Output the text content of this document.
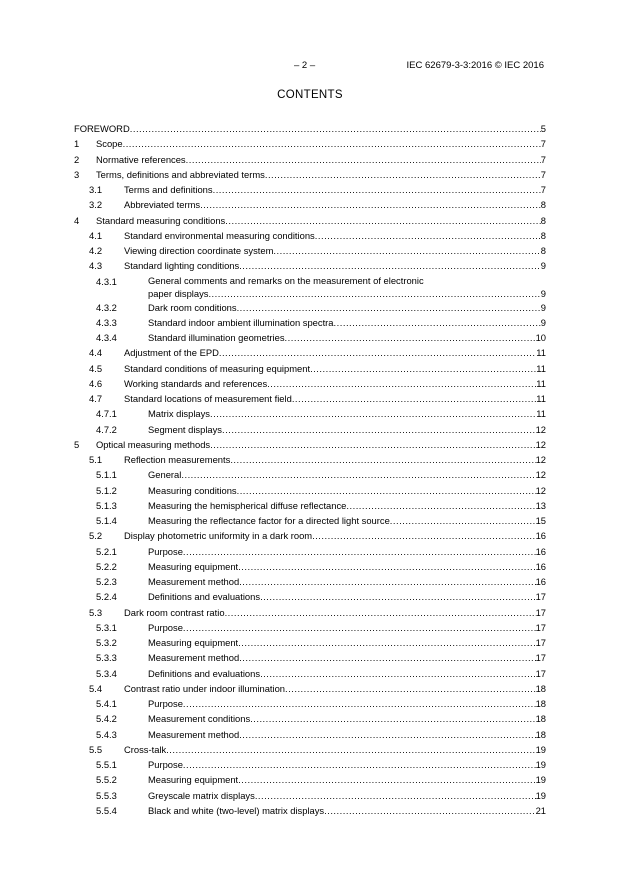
– 2 –	IEC 62679-3-3:2016 © IEC 2016
CONTENTS
FOREWORD .....	5
1 Scope .....	7
2 Normative references .....	7
3 Terms, definitions and abbreviated terms .....	7
3.1 Terms and definitions .....	7
3.2 Abbreviated terms .....	8
4 Standard measuring conditions .....	8
4.1 Standard environmental measuring conditions .....	8
4.2 Viewing direction coordinate system .....	8
4.3 Standard lighting conditions .....	9
4.3.1	General comments and remarks on the measurement of electronic
paper displays .....	9
4.3.2	Dark room conditions .....	9
4.3.3	Standard indoor ambient illumination spectra .....	9
4.3.4	Standard illumination geometries .....	10
4.4 Adjustment of the EPD .....	11
4.5 Standard conditions of measuring equipment .....	11
4.6 Working standards and references .....	11
4.7 Standard locations of measurement field .....	11
4.7.1	Matrix displays .....	11
4.7.2	Segment displays .....	12
5 Optical measuring methods .....	12
5.1 Reflection measurements .....	12
5.1.1	General .....	12
5.1.2	Measuring conditions .....	12
5.1.3	Measuring the hemispherical diffuse reflectance .....	13
5.1.4	Measuring the reflectance factor for a directed light source .....	15
5.2 Display photometric uniformity in a dark room .....	16
5.2.1	Purpose .....	16
5.2.2	Measuring equipment .....	16
5.2.3	Measurement method .....	16
5.2.4	Definitions and evaluations .....	17
5.3 Dark room contrast ratio .....	17
5.3.1	Purpose .....	17
5.3.2	Measuring equipment .....	17
5.3.3	Measurement method .....	17
5.3.4	Definitions and evaluations .....	17
5.4 Contrast ratio under indoor illumination .....	18
5.4.1	Purpose .....	18
5.4.2	Measurement conditions .....	18
5.4.3	Measurement method .....	18
5.5 Cross-talk .....	19
5.5.1	Purpose .....	19
5.5.2	Measuring equipment .....	19
5.5.3	Greyscale matrix displays .....	19
5.5.4	Black and white (two-level) matrix displays .....	21
